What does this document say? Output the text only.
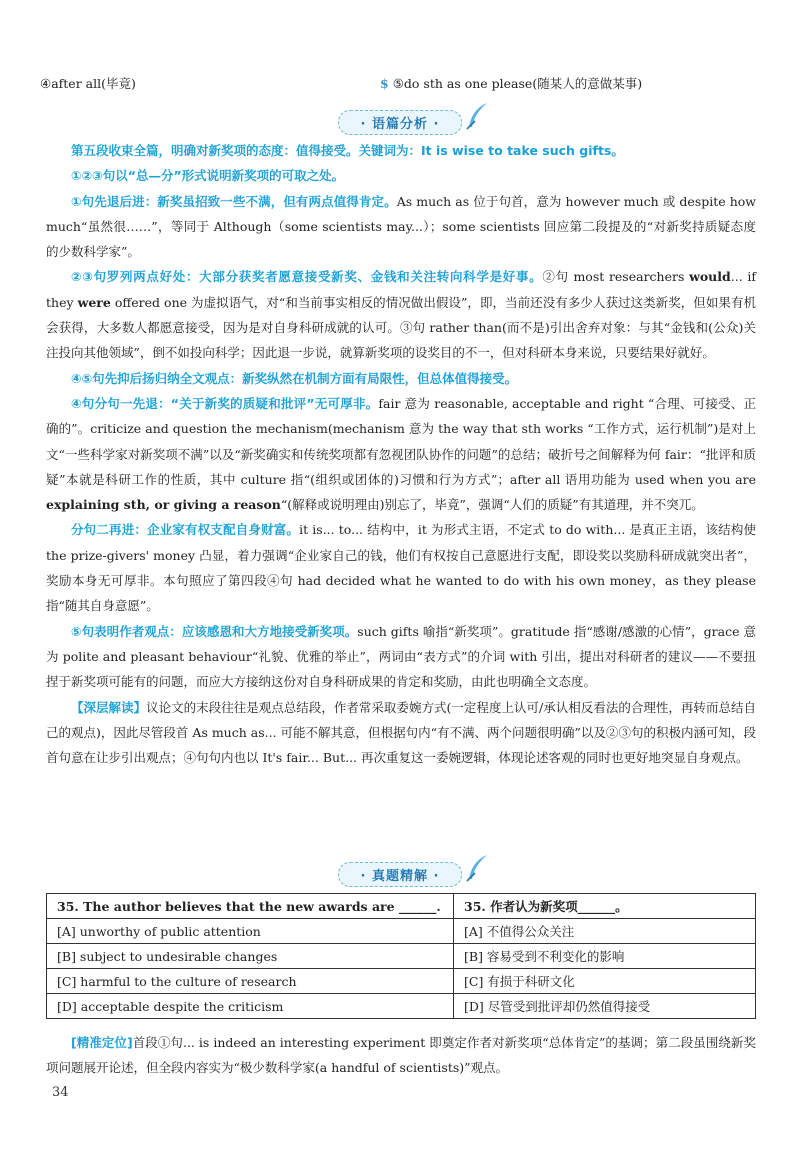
④after all(毕竟)	$ ⑤do sth as one please(随某人的意做某事)
· 语篇分析 ·

第五段收束全篇，明确对新奖项的态度：值得接受。关键词为：It is wise to take such gifts。

①②③句以“总—分”形式说明新奖项的可取之处。

①句先退后进：新奖虽招致一些不满，但有两点值得肯定。As much as 位于句首，意为 however much 或 despite how much“虽然很……”，等同于 Although（some scientists may...）；some scientists 回应第二段提及的“对新奖持质疑态度的少数科学家”。

②③句罗列两点好处：大部分获奖者愿意接受新奖、金钱和关注转向科学是好事。②句 most researchers would... if they were offered one 为虚拟语气，对“和当前事实相反的情况做出假设”，即，当前还没有多少人获过这类新奖，但如果有机会获得，大多数人都愿意接受，因为是对自身科研成就的认可。③句 rather than(而不是)引出舍弃对象：与其“金钱和(公众)关注投向其他领域”，倒不如投向科学；因此退一步说，就算新奖项的设奖目的不一，但对科研本身来说，只要结果好就好。

④⑤句先抑后扬归纳全文观点：新奖纵然在机制方面有局限性，但总体值得接受。

④句分句一先退：“关于新奖的质疑和批评”无可厚非。fair 意为 reasonable, acceptable and right “合理、可接受、正确的”。criticize and question the mechanism(mechanism 意为 the way that sth works “工作方式，运行机制”)是对上文“一些科学家对新奖项不满”以及“新奖确实和传统奖项都有忽视团队协作的问题”的总结；破折号之间解释为何 fair：“批评和质疑”本就是科研工作的性质，其中 culture 指“(组织或团体的)习惯和行为方式”；after all 语用功能为 used when you are explaining sth, or giving a reason“(解释或说明理由)别忘了，毕竟”，强调“人们的质疑”有其道理，并不突兀。

分句二再进：企业家有权支配自身财富。it is... to... 结构中，it 为形式主语，不定式 to do with... 是真正主语，该结构使 the prize-givers' money 凸显，着力强调“企业家自己的钱，他们有权按自己意愿进行支配，即设奖以奖励科研成就突出者”，奖励本身无可厚非。本句照应了第四段④句 had decided what he wanted to do with his own money，as they please 指“随其自身意愿”。

⑤句表明作者观点：应该感恩和大方地接受新奖项。such gifts 喻指“新奖项”。gratitude 指“感谢/感激的心情”，grace 意为 polite and pleasant behaviour“礼貌、优雅的举止”，两词由“表方式”的介词 with 引出，提出对科研者的建议——不要扭捏于新奖项可能有的问题，而应大方接纳这份对自身科研成果的肯定和奖励，由此也明确全文态度。

【深层解读】议论文的末段往往是观点总结段，作者常采取委婉方式(一定程度上认可/承认相反看法的合理性，再转而总结自己的观点)，因此尽管段首 As much as... 可能不解其意，但根据句内“有不满、两个问题很明确”以及②③句的积极内涵可知，段首句意在让步引出观点；④句句内也以 It's fair... But... 再次重复这一委婉逻辑，体现论述客观的同时也更好地突显自身观点。

· 真题精解 ·
35. The author believes that the new awards are ______.	35. 作者认为新奖项______。
[A] unworthy of public attention	[A] 不值得公众关注
[B] subject to undesirable changes	[B] 容易受到不利变化的影响
[C] harmful to the culture of research	[C] 有损于科研文化
[D] acceptable despite the criticism	[D] 尽管受到批评却仍然值得接受

[精准定位]首段①句... is indeed an interesting experiment 即奠定作者对新奖项“总体肯定”的基调；第二段虽围绕新奖项问题展开论述，但全段内容实为“极少数科学家(a handful of scientists)”观点。

34
